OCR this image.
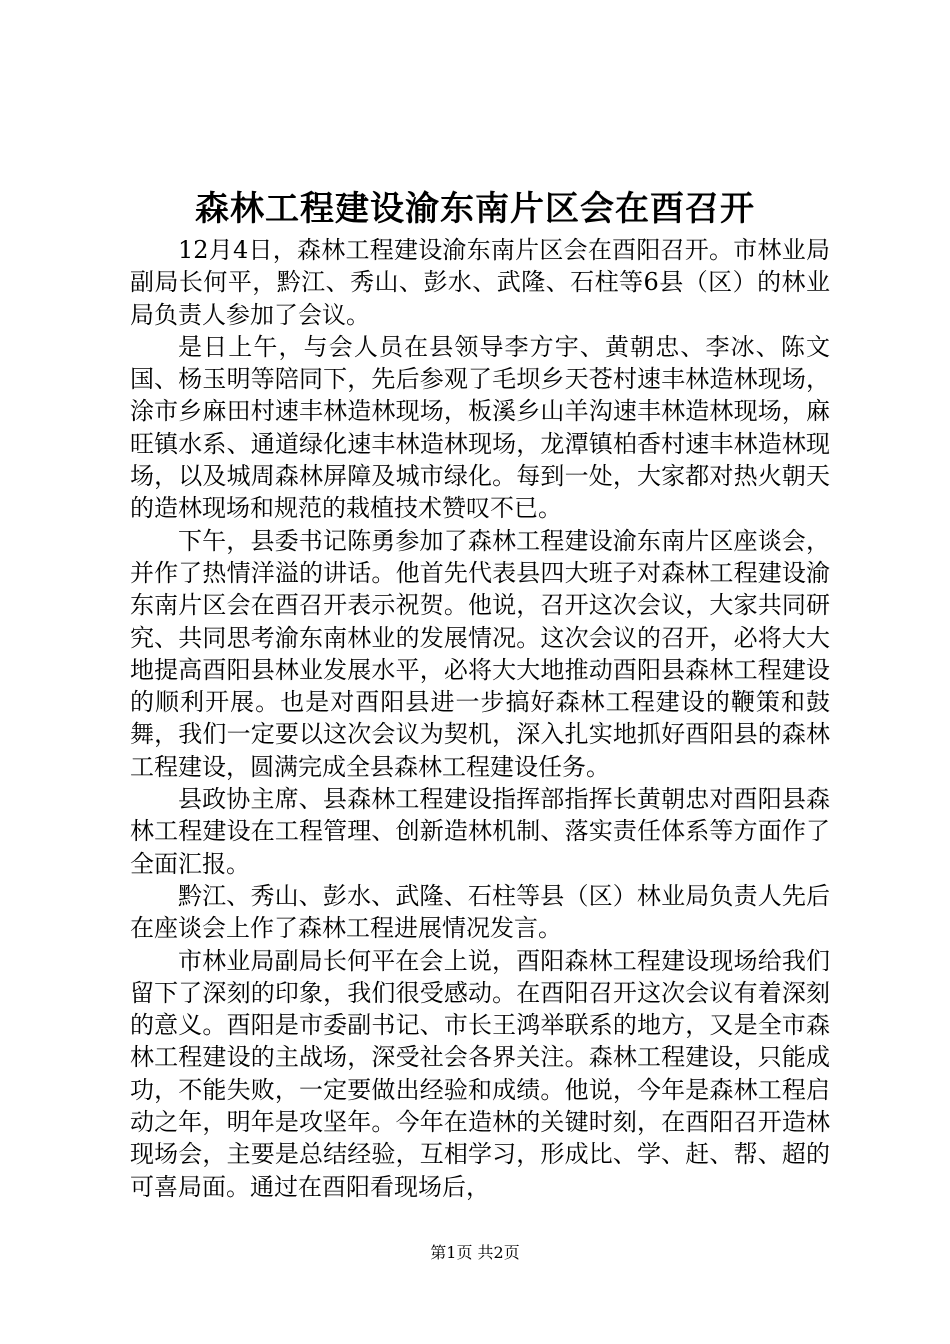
森林工程建设渝东南片区会在酉召开

12月4日，森林工程建设渝东南片区会在酉阳召开。市林业局副局长何平，黔江、秀山、彭水、武隆、石柱等6县（区）的林业局负责人参加了会议。

是日上午，与会人员在县领导李方宇、黄朝忠、李冰、陈文国、杨玉明等陪同下，先后参观了毛坝乡天苍村速丰林造林现场，涂市乡麻田村速丰林造林现场，板溪乡山羊沟速丰林造林现场，麻旺镇水系、通道绿化速丰林造林现场，龙潭镇柏香村速丰林造林现场，以及城周森林屏障及城市绿化。每到一处，大家都对热火朝天的造林现场和规范的栽植技术赞叹不已。

下午，县委书记陈勇参加了森林工程建设渝东南片区座谈会，并作了热情洋溢的讲话。他首先代表县四大班子对森林工程建设渝东南片区会在酉召开表示祝贺。他说，召开这次会议，大家共同研究、共同思考渝东南林业的发展情况。这次会议的召开，必将大大地提高酉阳县林业发展水平，必将大大地推动酉阳县森林工程建设的顺利开展。也是对酉阳县进一步搞好森林工程建设的鞭策和鼓舞，我们一定要以这次会议为契机，深入扎实地抓好酉阳县的森林工程建设，圆满完成全县森林工程建设任务。

县政协主席、县森林工程建设指挥部指挥长黄朝忠对酉阳县森林工程建设在工程管理、创新造林机制、落实责任体系等方面作了全面汇报。

黔江、秀山、彭水、武隆、石柱等县（区）林业局负责人先后在座谈会上作了森林工程进展情况发言。

市林业局副局长何平在会上说，酉阳森林工程建设现场给我们留下了深刻的印象，我们很受感动。在酉阳召开这次会议有着深刻的意义。酉阳是市委副书记、市长王鸿举联系的地方，又是全市森林工程建设的主战场，深受社会各界关注。森林工程建设，只能成功，不能失败，一定要做出经验和成绩。他说，今年是森林工程启动之年，明年是攻坚年。今年在造林的关键时刻，在酉阳召开造林现场会，主要是总结经验，互相学习，形成比、学、赶、帮、超的可喜局面。通过在酉阳看现场后，

第1页 共2页
